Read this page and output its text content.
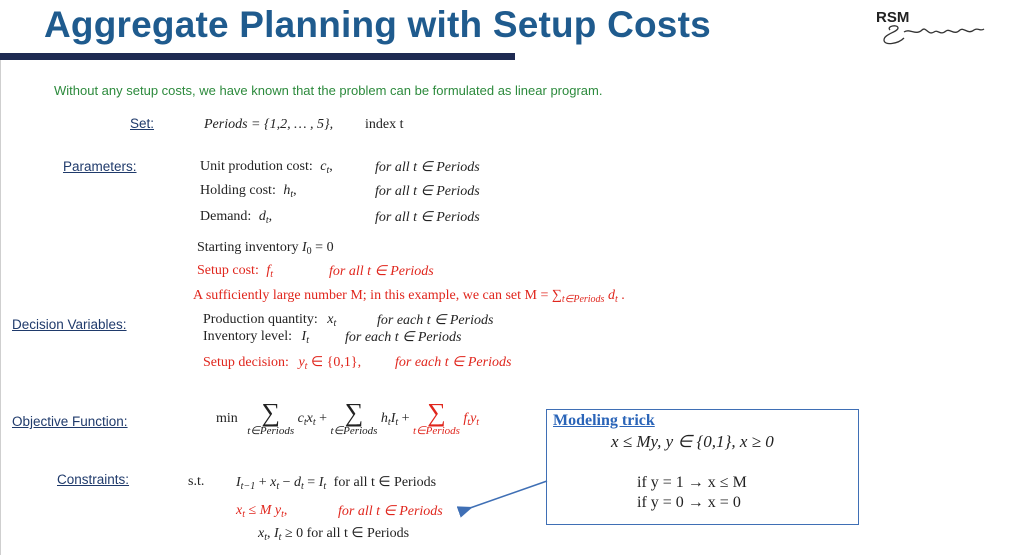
Aggregate Planning with Setup Costs	RSM
Without any setup costs, we have known that the problem can be formulated as linear program.
Set:	Periods = {1,2, … , 5}, index t
Parameters:	Unit prodution cost: $c_t$,	for all t ∈ Periods
Holding cost: $h_t$,	for all t ∈ Periods
Demand: $d_t$,	for all t ∈ Periods
Starting inventory $I_0 = 0$
Setup cost: $f_t$	for all t ∈ Periods
A sufficiently large number M; in this example, we can set $M = \sum_{t\in Periods}$ $d_t$ .
Decision Variables:	Production quantity: $x_t$	for each t ∈ Periods
Inventory level: $I_t$	for each t ∈ Periods
Setup decision: $y_t$ ∈ {0,1}, for each t ∈ Periods
Objective Function:	min ∑
t∈Periods
$c_tx_t$ + ∑
t∈Periods
$h_tI_t$ + ∑
t∈Periods
$f_ty_t$
Constraints:	s.t. $I_{t-1} + x_t - d_t = I_t$ for all t ∈ Periods
$x_t \le M$ $y_t$,	for all t ∈ Periods
$x_t$, $I_t \ge 0$ for all t ∈ Periods
Modeling trick
x ≤ My, y ∈ {0,1}, x ≥ 0
if y = 1 → x ≤ M
if y = 0 → x = 0
